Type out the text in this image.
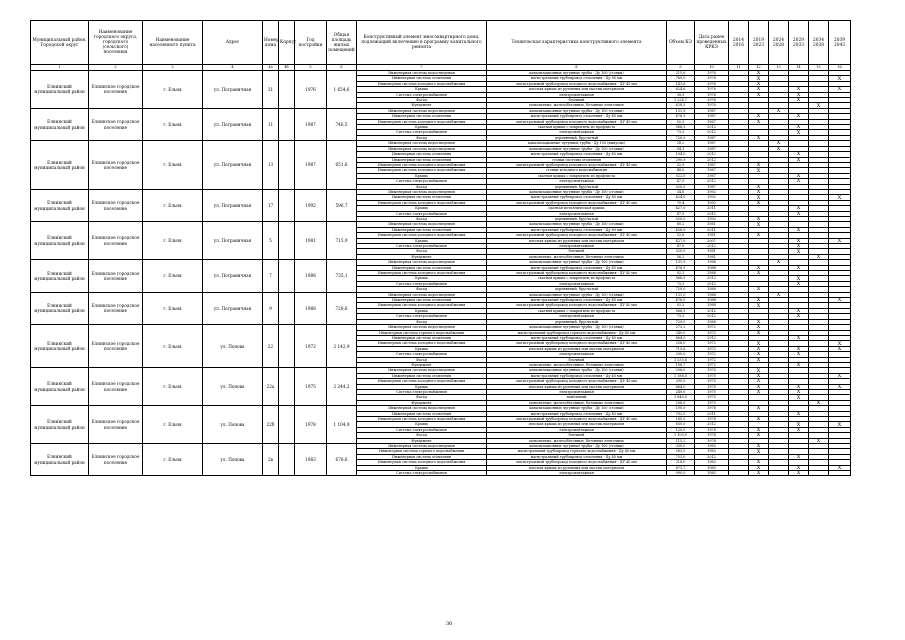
Муниципальный район, Городской округ	Наименование городского округа, городского (сельского) поселения	Наименование населенного пункта	Адрес	Номер дома	Корпус	Год постройки	Общая площадь жилых помещений	Конструктивный элемент многоквартирного дома, подлежащий включению в программу капитального ремонта	Техническая характеристика конструктивного элемента	Объем КЭ	Дата ранее проведенных КРКЭ	2014 2016	2019 2023	2024 2028	2029 2033	2034 2038	2039 2043
1	2	3	4	4а	4б	5	6	7	8	9	10	11	12	13	14	15	16
Елнинский муниципальный район	Елнинское городское поселение	г. Ельня	ул. Пограничная	31		1976	1 654,6	Инженерная система водоотведения	канализационные чугунные трубы - Ду 100 (стояки)	215,6	1976		X				
								Инженерная система отопления	магистральный трубопровод отопления - Ду 80 мм	760,0	1976		X				X
								Инженерная система холодного водоснабжения	магистральный трубопровод холодного водоснабжения - ДУ 40 мм	141,6	1976		X				
								Крыша	плоская крыша из рулонных или мастик материалов	824,6	1976		X		X		X
								Система электроснабжения	электромонтажная	38,9	1976		X		X		
								Фасад	блочный	1 224,7	1976				X		
								Фундамент	монолитные, железобетонные, бетонные ленточные	628,5	1976					X	
Елнинский муниципальный район	Елнинское городское поселение	г. Ельня	ул. Пограничная	11		1987	746,5	Инженерная система водоотведения	канализационные чугунные трубы - Ду 100 (стояки)	131,9	1987			X			
								Инженерная система отопления	магистральный трубопровод отопления - Ду 40 мм	476,9	1987		X		X		
								Инженерная система холодного водоснабжения	магистральный трубопровод холодного водоснабжения - ДУ 40 мм	92,3	1987		X				
								Крыша	скатная крыша с покрытием из профлиста	566,5	2012				X		
								Система электроснабжения	электромонтажная	73,3	2012				X		
								Фасад	деревянный, брусчатый	720,0	1987		X				
Елнинский муниципальный район	Елнинское городское поселение	г. Ельня	ул. Пограничная	13		1987	651,6	Инженерная система водоотведения	канализационные чугунные трубы - Ду 100 (выпуски)	28,2	1987			X			
								Инженерная система водоотведения	канализационные чугунные трубы - Ду 100 (стояки)	54,1	1987			X			
								Инженерная система отопления	магистральный трубопровод отопления - Ду 40 мм	104,0	2012				X		
								Инженерная система отопления	стояки системы отопления	290,9	2012				X		
								Инженерная система холодного водоснабжения	магистральный трубопровод холодного водоснабжения - ДУ 40 мм	32,9	1987		X				
								Инженерная система холодного водоснабжения	стояки холодного водоснабжения	48,0	1987		X				
								Крыша	скатная крыша с покрытием из профлиста	522,0	1987				X		
								Система электроснабжения	электромонтажная	47,5	2012				X		
								Фасад	деревянный, брусчатый	520,0	1987		X				
Елнинский муниципальный район	Елнинское городское поселение	г. Ельня	ул. Пограничная	17		1992	596,7	Инженерная система водоотведения	канализационные чугунные трубы - Ду 100 (стояки)	34,6	1992		X				
								Инженерная система отопления	магистральный трубопровод отопления - Ду 40 мм	424,0	1992		X				X
								Инженерная система холодного водоснабжения	магистральный трубопровод холодного водоснабжения - ДУ 40 мм	70,4	1992		X				
								Крыша	скатная металлическая крыша	427,0	2011				X		
								Система электроснабжения	электромонтажная	47,5	2012				X		
								Фасад	деревянный, брусчатый	520,0	1992		X				
Елнинский муниципальный район	Елнинское городское поселение	г. Ельня	ул. Пограничная	5		1981	715,9	Инженерная система водоотведения	канализационные чугунные трубы - Ду 100 (стояки)	80,2	1981		X				
								Инженерная система отопления	магистральный трубопровод отопления - Ду 80 мм	456,0	2011				X		
								Инженерная система холодного водоснабжения	магистральный трубопровод холодного водоснабжения - ДУ 40 мм	52,8	1981		X				
								Крыша	плоская крыша из рулонных или мастик материалов	427,0	2007				X		X
								Система электроснабжения	электромонтажная	47,0	2012				X		
								Фасад	блочный	520,0	1981				X		
								Фундамент	монолитные, железобетонные, бетонные ленточные	56,2	1981					X	
Елнинский муниципальный район	Елнинское городское поселение	г. Ельня	ул. Пограничная	7		1988	735,1	Инженерная система водоотведения	канализационные чугунные трубы - Ду 100 (стояки)	131,9	1988			X			
								Инженерная система отопления	магистральный трубопровод отопления - Ду 40 мм	476,9	1988		X		X		
								Инженерная система холодного водоснабжения	магистральный трубопровод холодного водоснабжения - ДУ 40 мм	92,3	1988		X				
								Крыша	скатная крыша с покрытием из профлиста	566,5	2012				X		
								Система электроснабжения	электромонтажная	73,3	2012				X		
								Фасад	деревянный, брусчатый	720,0	1988		X				
Елнинский муниципальный район	Елнинское городское поселение	г. Ельня	ул. Пограничная	9		1988	728,6	Инженерная система водоотведения	канализационные чугунные трубы - Ду 100 (стояки)	131,0	1988			X			
								Инженерная система отопления	магистральный трубопровод отопления - Ду 40 мм	476,0	1988		X				X
								Инженерная система холодного водоснабжения	магистральный трубопровод холодного водоснабжения - ДУ 40 мм	92,3	1988		X				
								Крыша	скатная крыша с покрытием из профлиста	566,5	2012				X		
								Система электроснабжения	электромонтажная	73,3	2012				X		
								Фасад	деревянный, брусчатый	720,0	1988		X				
Елнинский муниципальный район	Елнинское городское поселение	г. Ельня	ул. Попова	22		1972	2 142,9	Инженерная система водоотведения	канализационные чугунные трубы - Ду 100 (стояки)	273,2	1972		X				
								Инженерная система горячего водоснабжения	магистральный трубопровод горячего водоснабжения - Ду 40 мм	240,0	1972		X				
								Инженерная система отопления	магистральный трубопровод отопления - Ду 40 мм	864,0	2012				X		
								Инженерная система холодного водоснабжения	магистральный трубопровод холодного водоснабжения - ДУ 40 мм	256,0	1972		X				X
								Крыша	плоская крыша из рулонных или мастик материалов	715,6	1972		X		X		X
								Система электроснабжения	электромонтажная	200,0	1972		X		X		
								Фасад	блочный	1 535,6	1972		X				
								Фундамент	монолитные, железобетонные, бетонные ленточные	106,7	1972				X		
Елнинский муниципальный район	Елнинское городское поселение	г. Ельня	ул. Попова	22а		1975	2 244,2	Инженерная система водоотведения	канализационные чугунные трубы - Ду 100 (стояки)	206,0	1975		X				
								Инженерная система отопления	магистральный трубопровод отопления - Ду 40 мм	1 188,0	1975		X				X
								Инженерная система холодного водоснабжения	магистральный трубопровод холодного водоснабжения - ДУ 40 мм	290,0	1975		X				
								Крыша	плоская крыша из рулонных или мастик материалов	864,0	1975		X		X		X
								Система электроснабжения	электромонтажная	240,0	1975		X		X		
								Фасад	панельный	1 840,0	1975				X		
								Фундамент	монолитные, железобетонные, бетонные ленточные	208,0	1975					X	
Елнинский муниципальный район	Елнинское городское поселение	г. Ельня	ул. Попова	22б		1978	1 104,9	Инженерная система водоотведения	канализационные чугунные трубы - Ду 100 (стояки)	190,0	1978		X				
								Инженерная система отопления	магистральный трубопровод отопления - Ду 40 мм	792,0	2011				X		
								Инженерная система холодного водоснабжения	магистральный трубопровод холодного водоснабжения - ДУ 40 мм	180,0	1978		X				
								Крыша	плоская крыша из рулонных или мастик материалов	830,0	2012				X		X
								Система электроснабжения	электромонтажная	120,0	1978		X		X		
								Фасад	блочный	1 100,0	1978		X				
								Фундамент	монолитные, железобетонные, бетонные ленточные	115,2	1978					X	
Елнинский муниципальный район	Елнинское городское поселение	г. Ельня	ул. Попова	2в		1983	678,6	Инженерная система водоотведения	канализационные чугунные трубы - Ду 100 (стояки)	330,0	1983		X				
								Инженерная система горячего водоснабжения	магистральный трубопровод горячего водоснабжения - Ду 40 мм	263,0	1983		X				
								Инженерная система отопления	магистральный трубопровод отопления - Ду 40 мм	753,0	2012				X		
								Инженерная система холодного водоснабжения	магистральный трубопровод холодного водоснабжения - ДУ 40 мм	218,0	1983		X				
								Крыша	плоская крыша из рулонных или мастик материалов	673,7	1983		X		X		X
								Система электроснабжения	электромонтажная	090,0	1983		X		X		
30
